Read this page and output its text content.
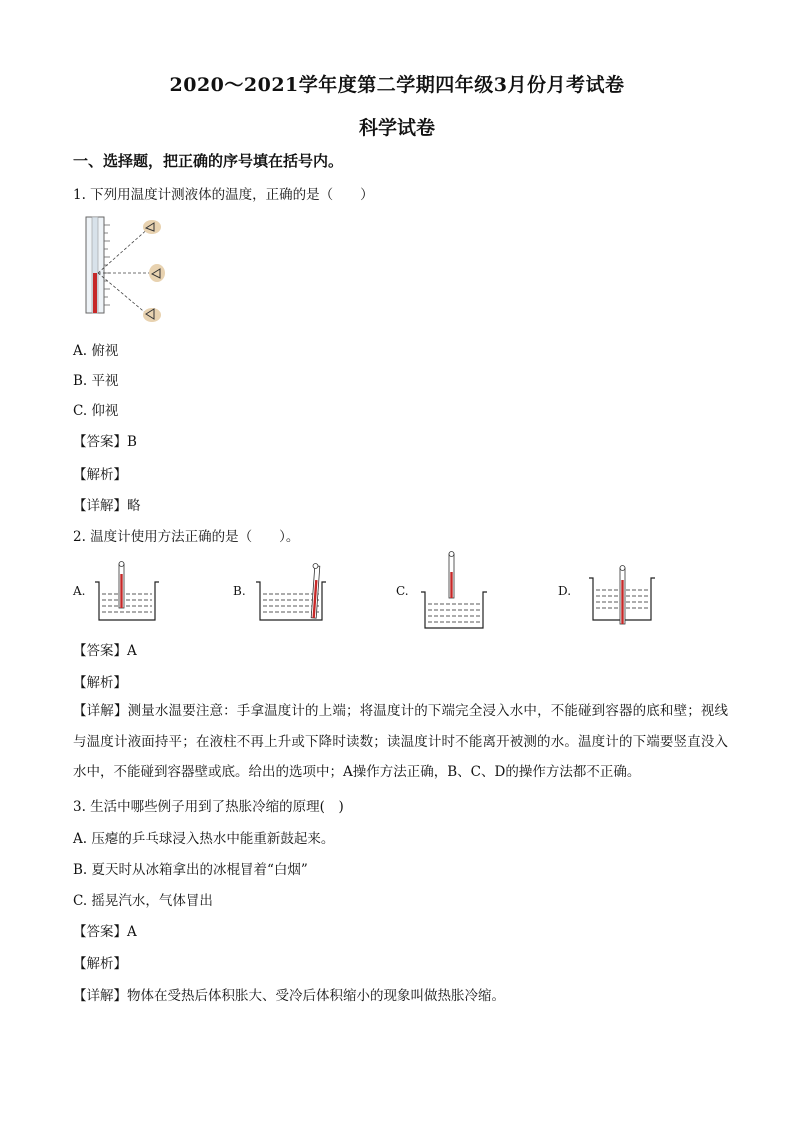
2020～2021学年度第二学期四年级3月份月考试卷
科学试卷
一、选择题，把正确的序号填在括号内。
1. 下列用温度计测液体的温度，正确的是（　　）
A. 俯视
B. 平视
C. 仰视
【答案】B
【解析】
【详解】略
2. 温度计使用方法正确的是（　　）。
A.	B.	C.	D.
【答案】A
【解析】
【详解】测量水温要注意：手拿温度计的上端；将温度计的下端完全浸入水中，不能碰到容器的底和壁；视线与温度计液面持平；在液柱不再上升或下降时读数；读温度计时不能离开被测的水。温度计的下端要竖直没入水中，不能碰到容器壁或底。给出的选项中；A操作方法正确，B、C、D的操作方法都不正确。
3. 生活中哪些例子用到了热胀冷缩的原理(　)
A. 压瘪的乒乓球浸入热水中能重新鼓起来。
B. 夏天时从冰箱拿出的冰棍冒着“白烟”
C. 摇晃汽水，气体冒出
【答案】A
【解析】
【详解】物体在受热后体积胀大、受冷后体积缩小的现象叫做热胀冷缩。
